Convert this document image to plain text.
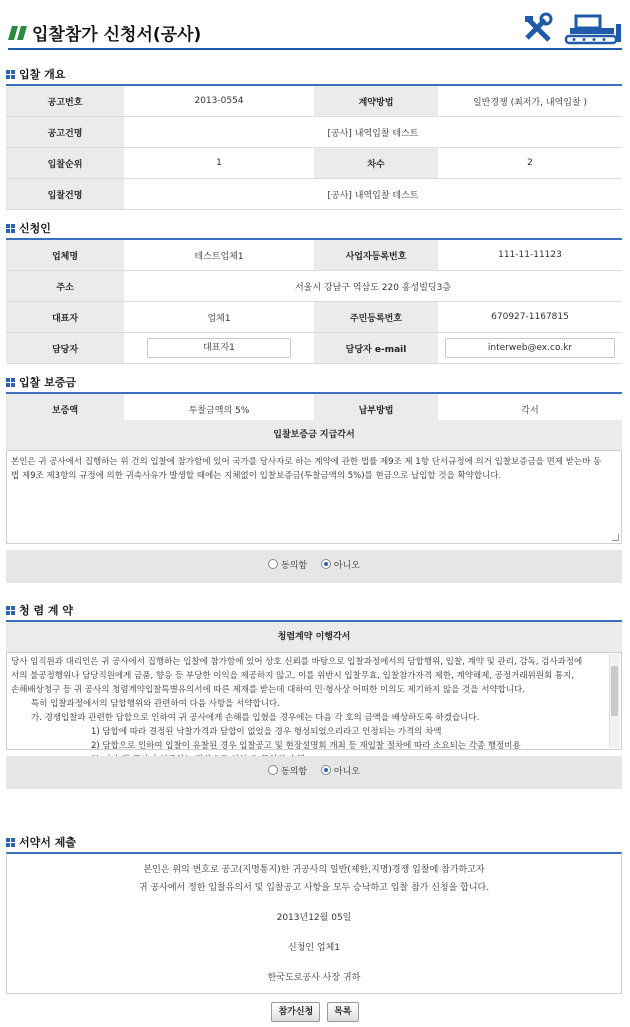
입찰참가 신청서(공사)

입찰 개요
공고번호	2013-0554	계약방법	일반경쟁 (최저가, 내역입찰 )
공고건명	[공사] 내역입찰 테스트		
입찰순위	1	차수	2
입찰건명	[공사] 내역입찰 테스트		
신청인
업체명	테스트업체1	사업자등록번호	111-11-11123
주소	서울시 강남구 역삼도 220 홍성빌딩3층		
대표자	업체1	주민등록번호	670927-1167815
담당자	대표자1	담당자 e-mail	interweb@ex.co.kr
입찰 보증금
보증액	투찰금액의 5%	납부방법	각서
입찰보증금 지급각서
본인은 귀 공사에서 집행하는 위 건의 입찰에 참가함에 있어 국가를 당사자로 하는 계약에 관한 법률 제9조 제 1항 단서규정에 의거 입찰보증금을 면제 받는바 동 법 제9조 제3항의 규정에 의한 귀속사유가 발생할 때에는 지체없이 입찰보증금(투찰금액의 5%)를 현금으로 납입할 것을 확약합니다.
동의함	아니오
청 렴 계 약
청렴계약 이행각서
당사 임직원과 대리인은 귀 공사에서 집행하는 입찰에 참가함에 있어 상호 신뢰를 바탕으로 입찰과정에서의 담합행위, 입찰, 계약 및 관리, 감독, 검사과정에
서의 불공정행위나 담당직원에게 금품, 향응 등 부당한 이익을 제공하지 않고, 이를 위반시 입찰무효, 입찰참가자격 제한, 계약해제, 공정거래위원회 통지,
손해배상청구 등 귀 공사의 청렴계약입찰특별유의서에 따른 제재를 받는데 대하여 민·형사상 어떠한 이의도 제기하지 않을 것을 서약합니다.
특히 입찰과정에서의 담합행위와 관련하여 다음 사항을 서약합니다.
가. 경쟁입찰과 관련한 담합으로 인하여 귀 공사에게 손해를 입혔을 경우에는 다음 각 호의 금액을 배상하도록 하겠습니다.
1) 담합에 따라 결정된 낙찰가격과 담합이 없었을 경우 형성되었으리라고 인정되는 가격의 차액
2) 담합으로 인하여 입찰이 유찰된 경우 입찰공고 및 현장설명회 개최 등 재입찰 절차에 따라 소요되는 각종 행정비용
동의함	아니오
서약서 제출

본인은 위의 번호로 공고(지명통지)한 귀공사의 일반(제한,지명)경쟁 입찰에 참가하고자

귀 공사에서 정한 입찰유의서 및 입찰공고 사항을 모두 승낙하고 입찰 참가 신청을 합니다.

2013년12월 05일

신청인 업체1

한국도로공사 사장 귀하

참가신청 목록
